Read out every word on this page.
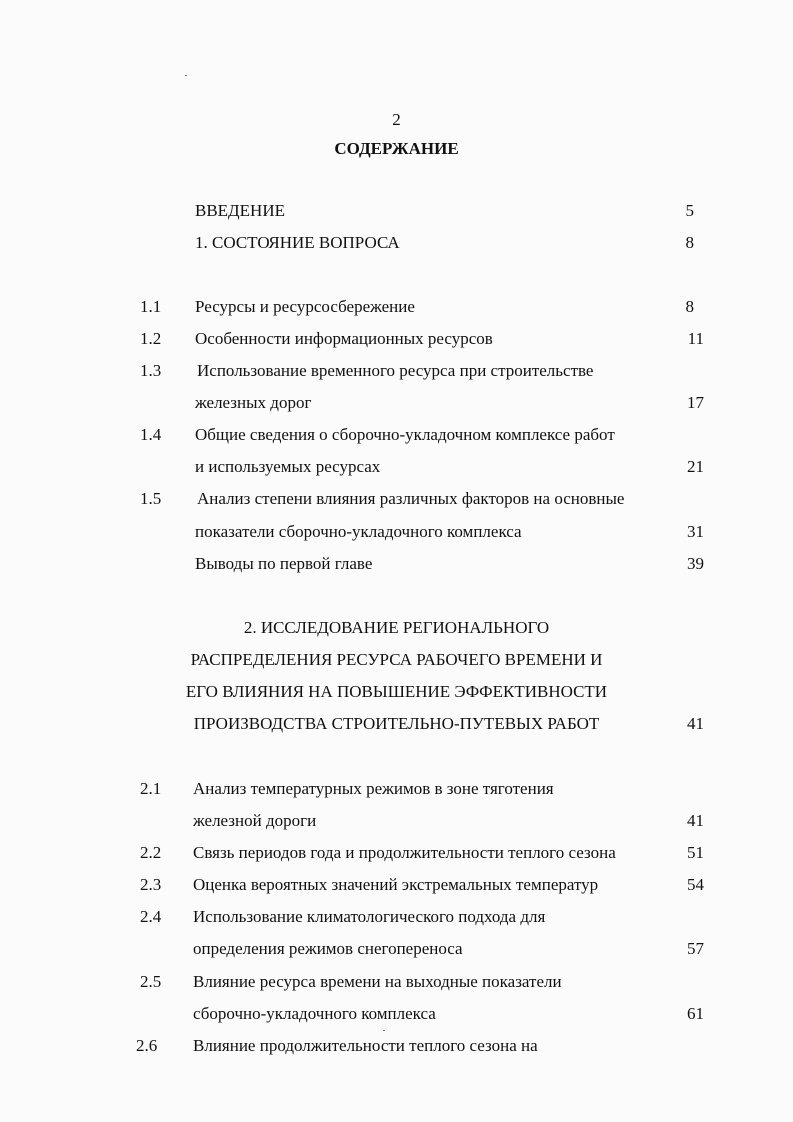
2
СОДЕРЖАНИЕ
ВВЕДЕНИЕ	5
1. СОСТОЯНИЕ ВОПРОСА	8
1.1 Ресурсы и ресурсосбережение	8
1.2 Особенности информационных ресурсов	11
1.3 Использование временного ресурса при строительстве
железных дорог	17
1.4 Общие сведения о сборочно-укладочном комплексе работ
и используемых ресурсах	21
1.5 Анализ степени влияния различных факторов на основные
показатели сборочно-укладочного комплекса	31
Выводы по первой главе	39
2. ИССЛЕДОВАНИЕ РЕГИОНАЛЬНОГО
РАСПРЕДЕЛЕНИЯ РЕСУРСА РАБОЧЕГО ВРЕМЕНИ И
ЕГО ВЛИЯНИЯ НА ПОВЫШЕНИЕ ЭФФЕКТИВНОСТИ
ПРОИЗВОДСТВА СТРОИТЕЛЬНО-ПУТЕВЫХ РАБОТ	41
2.1 Анализ температурных режимов в зоне тяготения
железной дороги	41
2.2 Связь периодов года и продолжительности теплого сезона	51
2.3 Оценка вероятных значений экстремальных температур	54
2.4 Использование климатологического подхода для
определения режимов снегопереноса	57
2.5 Влияние ресурса времени на выходные показатели
сборочно-укладочного комплекса	61
2.6 Влияние продолжительности теплого сезона на
